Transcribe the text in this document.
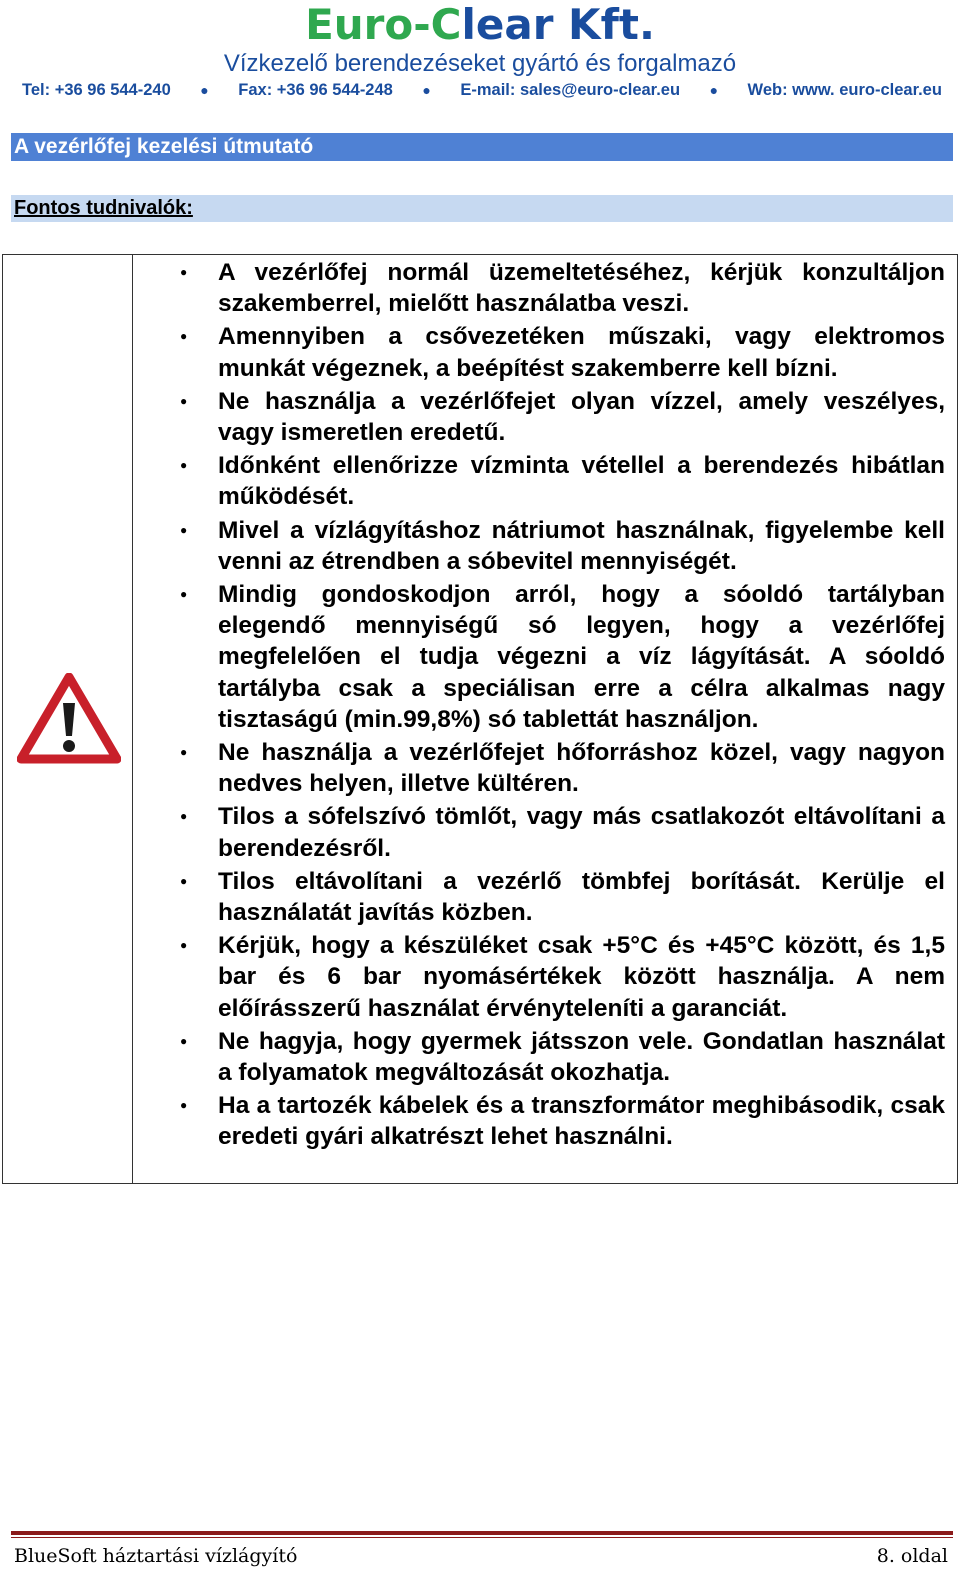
Euro-Clear Kft.
Vízkezelő berendezéseket gyártó és forgalmazó
Tel: +36 96 544-240 ● Fax: +36 96 544-248 ● E-mail: sales@euro-clear.eu ● Web: www. euro-clear.eu
A vezérlőfej kezelési útmutató
Fontos tudnivalók:
● A vezérlőfej normál üzemeltetéséhez, kérjük konzultáljon szakemberrel, mielőtt használatba veszi.
● Amennyiben a csővezetéken műszaki, vagy elektromos munkát végeznek, a beépítést szakemberre kell bízni.
● Ne használja a vezérlőfejet olyan vízzel, amely veszélyes, vagy ismeretlen eredetű.
● Időnként ellenőrizze vízminta vétellel a berendezés hibátlan működését.
● Mivel a vízlágyításhoz nátriumot használnak, figyelembe kell venni az étrendben a sóbevitel mennyiségét.
● Mindig gondoskodjon arról, hogy a sóoldó tartályban elegendő mennyiségű só legyen, hogy a vezérlőfej megfelelően el tudja végezni a víz lágyítását. A sóoldó tartályba csak a speciálisan erre a célra alkalmas nagy tisztaságú (min.99,8%) só tablettát használjon.
● Ne használja a vezérlőfejet hőforráshoz közel, vagy nagyon nedves helyen, illetve kültéren.
● Tilos a sófelszívó tömlőt, vagy más csatlakozót eltávolítani a berendezésről.
● Tilos eltávolítani a vezérlő tömbfej borítását. Kerülje el használatát javítás közben.
● Kérjük, hogy a készüléket csak +5°C és +45°C között, és 1,5 bar és 6 bar nyomásértékek között használja. A nem előírásszerű használat érvényteleníti a garanciát.
● Ne hagyja, hogy gyermek játsszon vele. Gondatlan használat a folyamatok megváltozását okozhatja.
● Ha a tartozék kábelek és a transzformátor meghibásodik, csak eredeti gyári alkatrészt lehet használni.
BlueSoft háztartási vízlágyító	8. oldal
